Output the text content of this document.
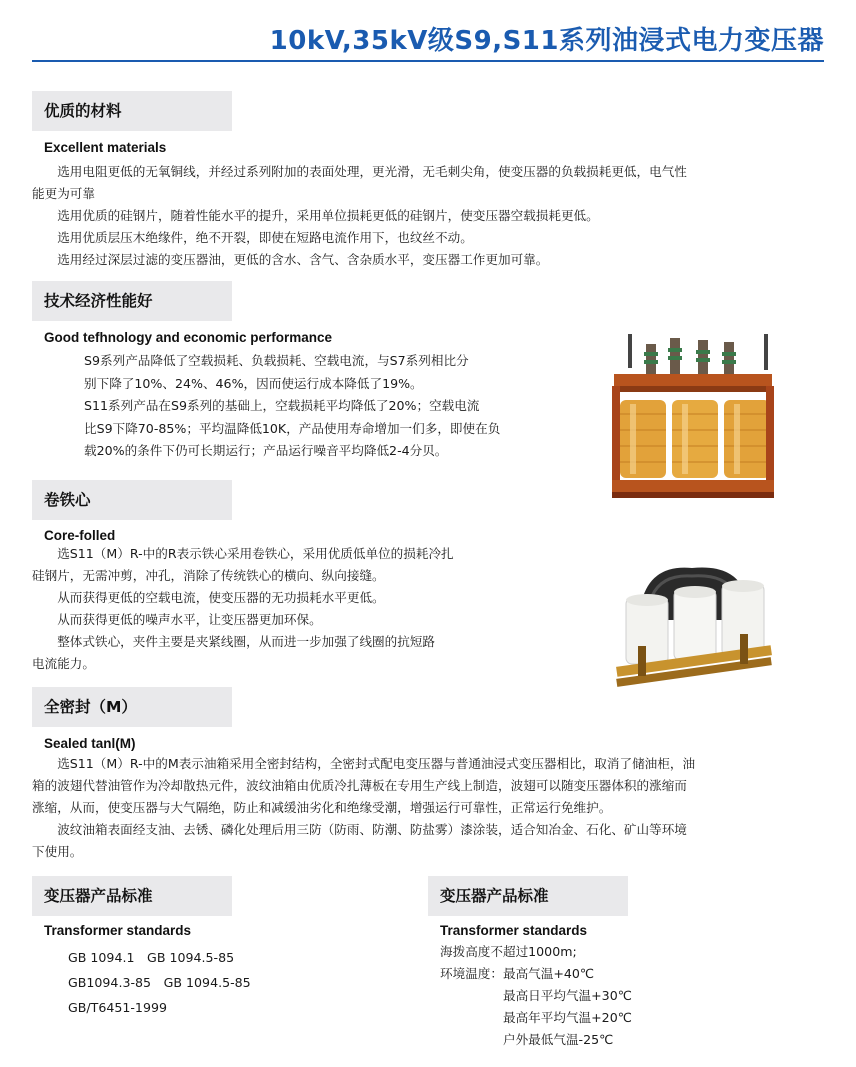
10kV,35kV级S9,S11系列油浸式电力变压器
优质的材料
Excellent materials

　　选用电阻更低的无氧铜线，并经过系列附加的表面处理，更光滑，无毛刺尖角，使变压器的负载损耗更低，电气性

能更为可靠

　　选用优质的硅钢片，随着性能水平的提升，采用单位损耗更低的硅钢片，使变压器空载损耗更低。

　　选用优质层压木绝缘件，绝不开裂，即使在短路电流作用下，也纹丝不动。

　　选用经过深层过滤的变压器油，更低的含水、含气、含杂质水平，变压器工作更加可靠。

技术经济性能好
Good tefhnology and economic performance

S9系列产品降低了空载损耗、负载损耗、空载电流，与S7系列相比分

别下降了10%、24%、46%，因而使运行成本降低了19%。

S11系列产品在S9系列的基础上，空载损耗平均降低了20%；空载电流

比S9下降70-85%；平均温降低10K，产品使用寿命增加一们多，即使在负

载20%的条件下仍可长期运行；产品运行噪音平均降低2-4分贝。

卷铁心
Core-folled

　　选S11（M）R-中的R表示铁心采用卷铁心，采用优质低单位的损耗冷扎

硅钢片，无需冲剪，冲孔，消除了传统铁心的横向、纵向接缝。

　　从而获得更低的空载电流，使变压器的无功损耗水平更低。

　　从而获得更低的噪声水平，让变压器更加环保。

　　整体式铁心，夹件主要是夹紧线圈，从而进一步加强了线圈的抗短路

电流能力。

全密封（M）
Sealed tanl(M)

　　选S11（M）R-中的M表示油箱采用全密封结构，全密封式配电变压器与普通油浸式变压器相比，取消了储油柜，油

箱的波翅代替油管作为冷却散热元件，波纹油箱由优质冷扎薄板在专用生产线上制造，波翅可以随变压器体积的涨缩而

涨缩，从而，使变压器与大气隔绝，防止和减缓油劣化和绝缘受潮，增强运行可靠性，正常运行免维护。

　　波纹油箱表面经支油、去锈、磷化处理后用三防（防雨、防潮、防盐雾）漆涂装，适合知冶金、石化、矿山等环境

下使用。

变压器产品标准
Transformer standards

GB 1094.1　GB 1094.5-85

GB1094.3-85　GB 1094.5-85

GB/T6451-1999

变压器产品标准
Transformer standards

海拨高度不超过1000m;

环境温度：最高气温+40℃

　　　　　最高日平均气温+30℃

　　　　　最高年平均气温+20℃

　　　　　户外最低气温-25℃
